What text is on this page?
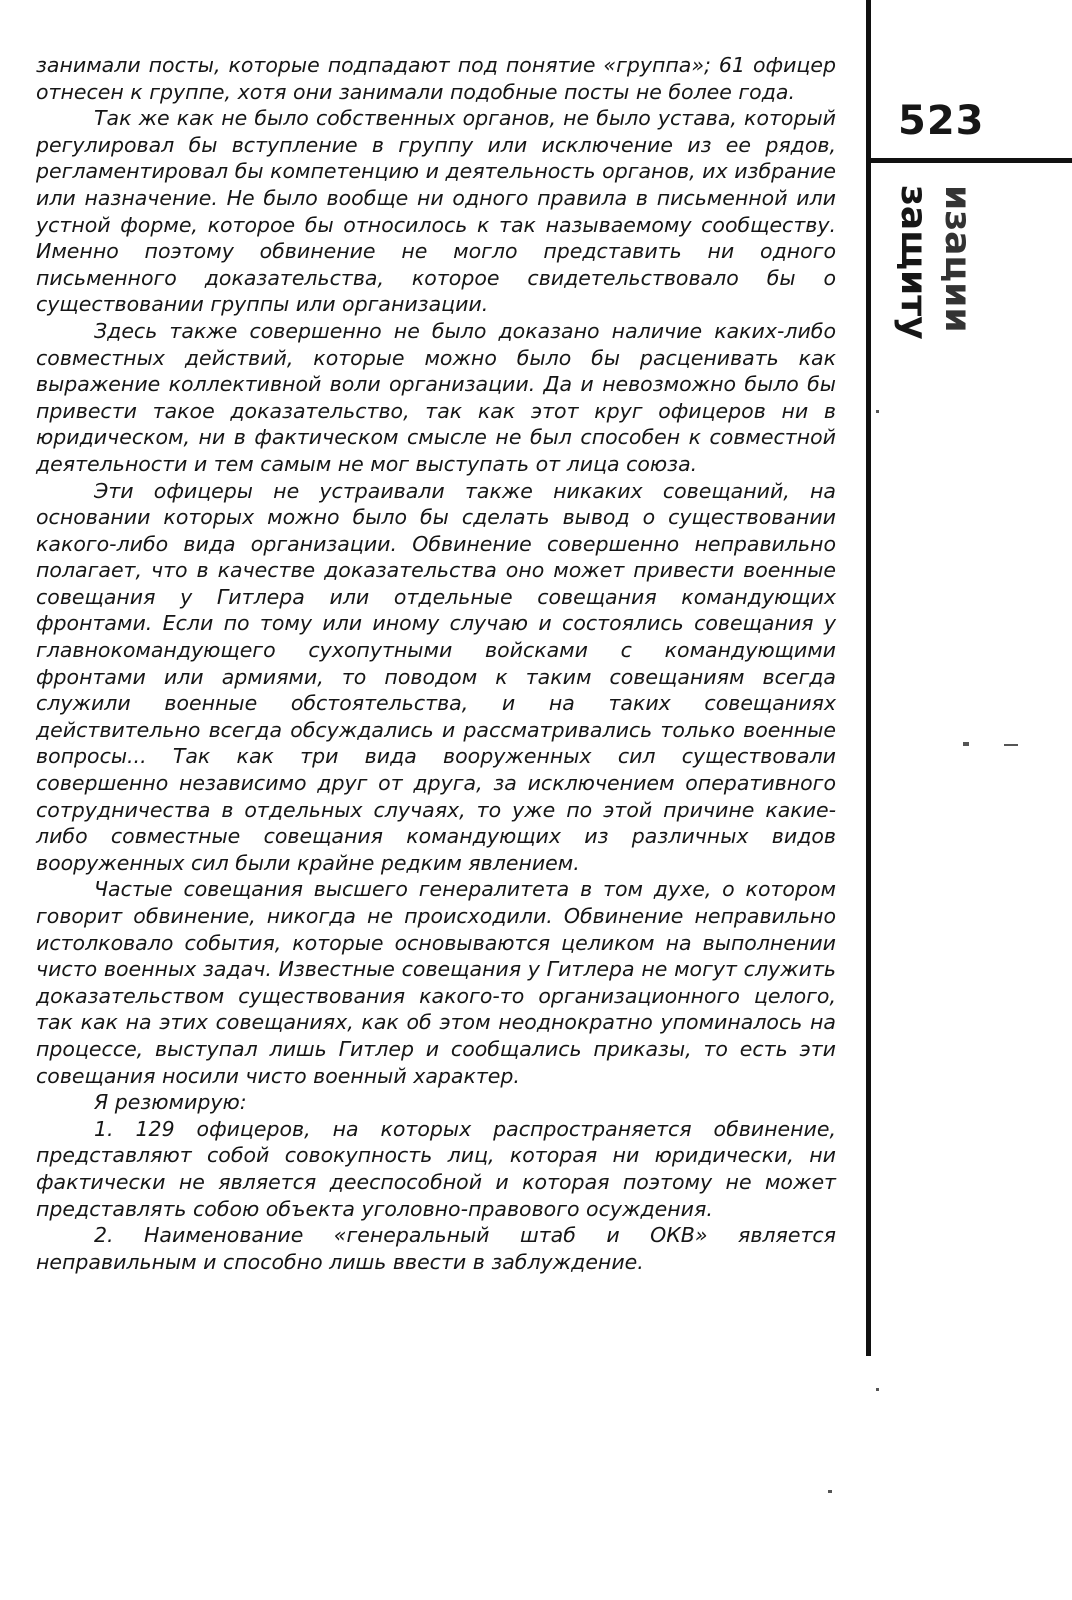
занимали посты, которые подпадают под понятие «группа»; 61 офицер отнесен к группе, хотя они занимали подобные посты не более года.

Так же как не было собственных органов, не было устава, который регулировал бы вступление в группу или исключение из ее рядов, регламентировал бы компетенцию и деятельность органов, их избрание или назначение. Не было вообще ни одного правила в письменной или устной форме, которое бы относилось к так называемому сообществу. Именно поэтому обвинение не могло представить ни одного письменного доказательства, которое свидетельствовало бы о существовании группы или организации.

Здесь также совершенно не было доказано наличие каких-либо совместных действий, которые можно было бы расценивать как выражение коллективной воли организации. Да и невозможно было бы привести такое доказательство, так как этот круг офицеров ни в юридическом, ни в фактическом смысле не был способен к совместной деятельности и тем самым не мог выступать от лица союза.

Эти офицеры не устраивали также никаких совещаний, на основании которых можно было бы сделать вывод о существовании какого-либо вида организации. Обвинение совершенно неправильно полагает, что в качестве доказательства оно может привести военные совещания у Гитлера или отдельные совещания командующих фронтами. Если по тому или иному случаю и состоялись совещания у главнокомандующего сухопутными войсками с командующими фронтами или армиями, то поводом к таким совещаниям всегда служили военные обстоятельства, и на таких совещаниях действительно всегда обсуждались и рассматривались только военные вопросы... Так как три вида вооруженных сил существовали совершенно независимо друг от друга, за исключением оперативного сотрудничества в отдельных случаях, то уже по этой причине какие-либо совместные совещания командующих из различных видов вооруженных сил были крайне редким явлением.

Частые совещания высшего генералитета в том духе, о котором говорит обвинение, никогда не происходили. Обвинение неправильно истолковало события, которые основываются целиком на выполнении чисто военных задач. Известные совещания у Гитлера не могут служить доказательством существования какого-то организационного целого, так как на этих совещаниях, как об этом неоднократно упоминалось на процессе, выступал лишь Гитлер и сообщались приказы, то есть эти совещания носили чисто военный характер.

Я резюмирую:

1. 129 офицеров, на которых распространяется обвинение, представляют собой совокупность лиц, которая ни юридически, ни фактически не является дееспособной и которая поэтому не может представлять собою объекта уголовно-правового осуждения.

2. Наименование «генеральный штаб и ОКВ» является неправильным и способно лишь ввести в заблуждение.

523
защиту изации
